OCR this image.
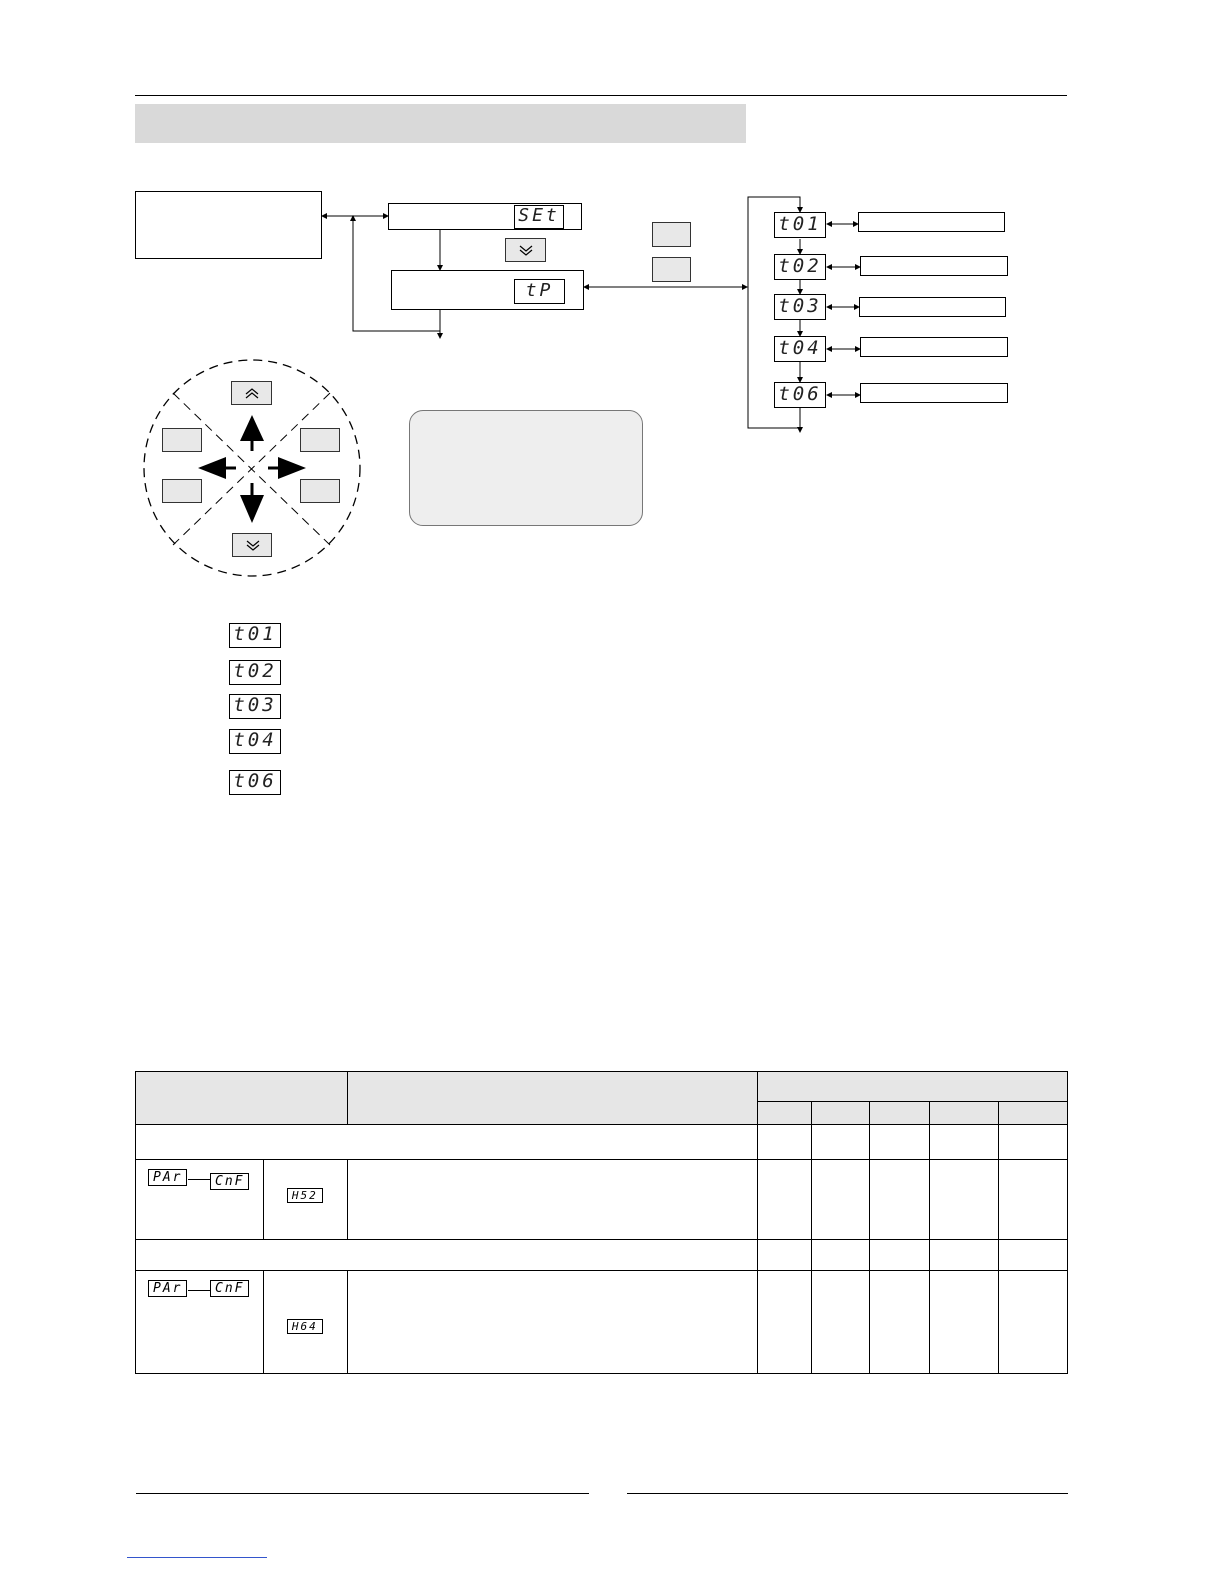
SEt
tP
t01
t02
t03
t04
t06
t01
t02
t03
t04
t06

PAr CnF	H52						

PAr CnF	H64						
